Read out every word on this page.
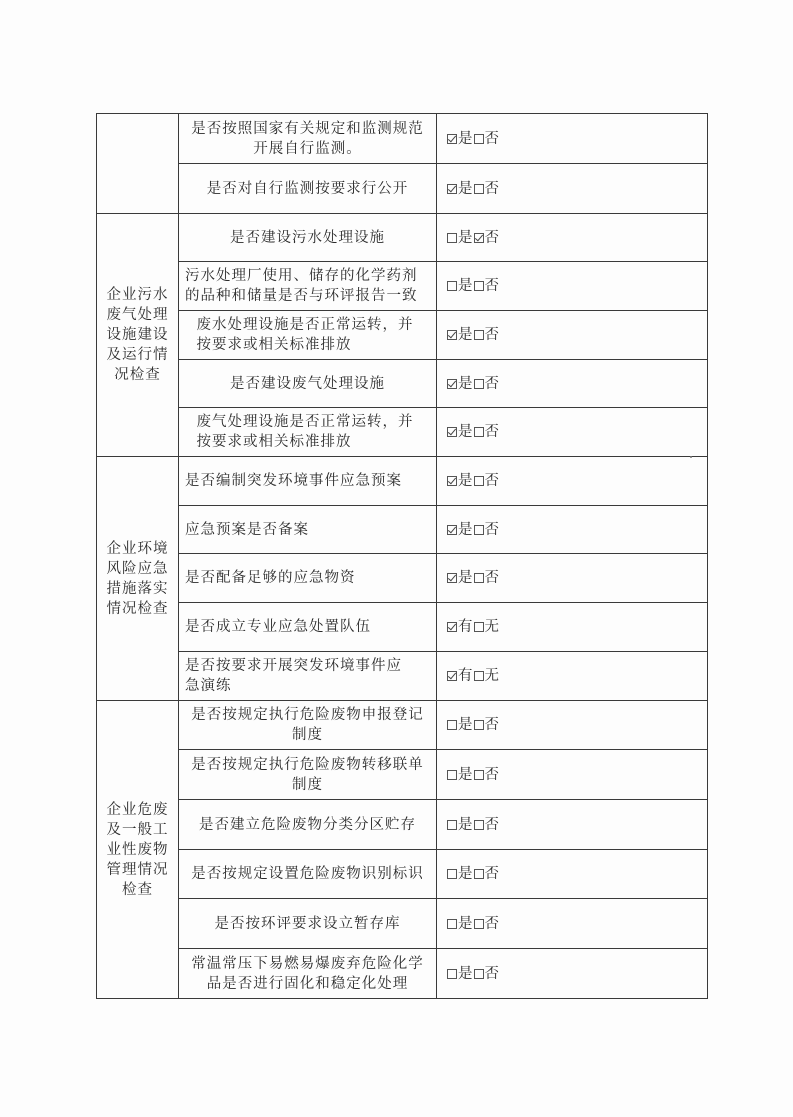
	是否按照国家有关规定和监测规范开展自行监测。	是 否
	是否对自行监测按要求行公开	是 否
企业污水废气处理设施建设及运行情况检查	是否建设污水处理设施	是 否
	污水处理厂使用、储存的化学药剂的品种和储量是否与环评报告一致	是 否
	废水处理设施是否正常运转，并按要求或相关标准排放	是 否
	是否建设废气处理设施	是 否
	废气处理设施是否正常运转，并按要求或相关标准排放	是 否
企业环境风险应急措施落实情况检查	是否编制突发环境事件应急预案	是 否
	应急预案是否备案	是 否
	是否配备足够的应急物资	是 否
	是否成立专业应急处置队伍	有 无
	是否按要求开展突发环境事件应急演练	有 无
企业危废及一般工业性废物管理情况检查	是否按规定执行危险废物申报登记制度	是 否
	是否按规定执行危险废物转移联单制度	是 否
	是否建立危险废物分类分区贮存	是 否
	是否按规定设置危险废物识别标识	是 否
	是否按环评要求设立暂存库	是 否
	常温常压下易燃易爆废弃危险化学品是否进行固化和稳定化处理	是 否
